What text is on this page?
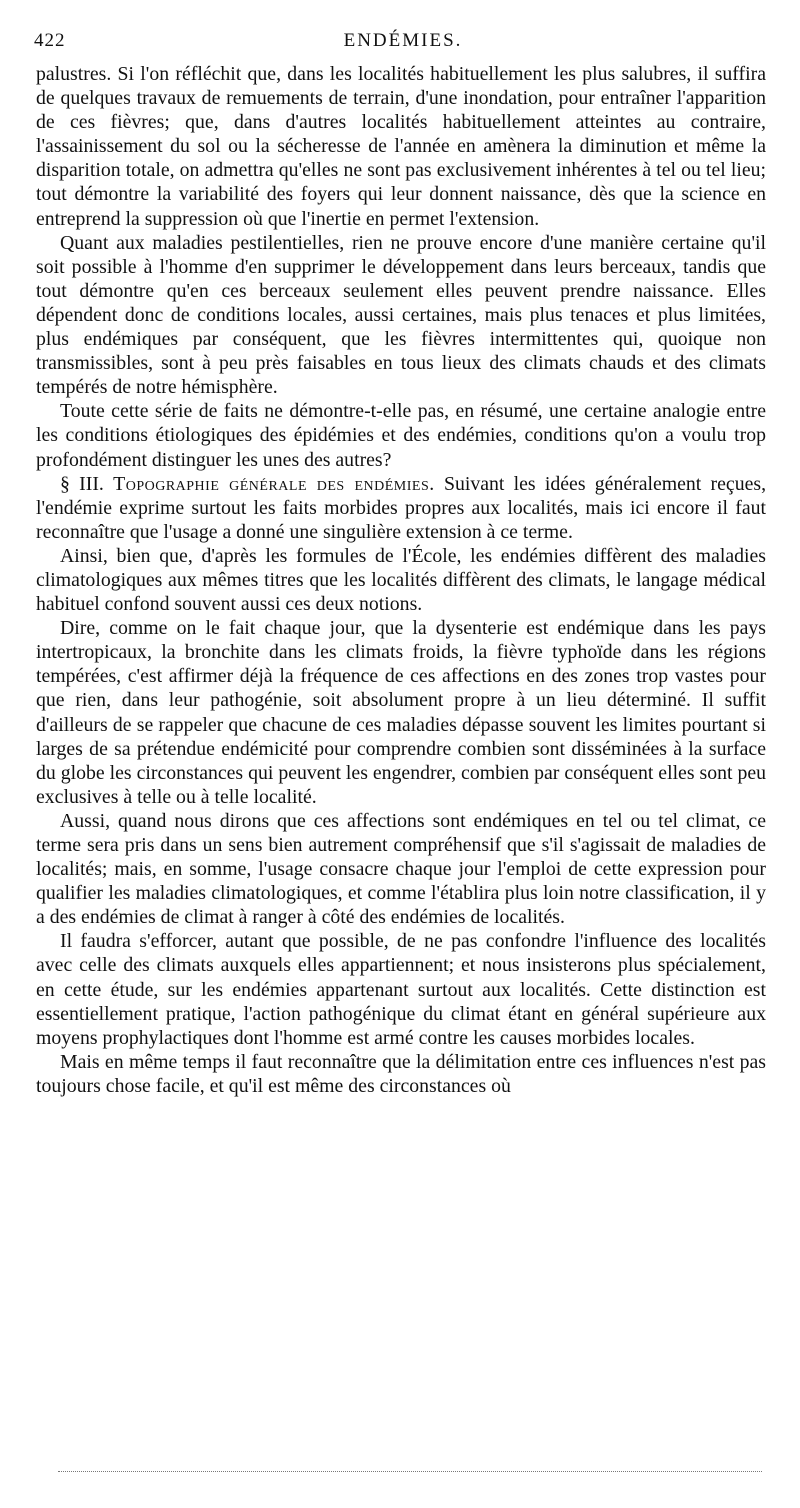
422	ENDÉMIES.

palustres. Si l'on réfléchit que, dans les localités habituellement les plus salubres, il suffira de quelques travaux de remuements de terrain, d'une inondation, pour entraîner l'apparition de ces fièvres; que, dans d'autres localités habituellement atteintes au contraire, l'assainissement du sol ou la sécheresse de l'année en amènera la diminution et même la disparition totale, on admettra qu'elles ne sont pas exclusivement inhérentes à tel ou tel lieu; tout démontre la variabilité des foyers qui leur donnent naissance, dès que la science en entreprend la suppression où que l'inertie en permet l'extension.

Quant aux maladies pestilentielles, rien ne prouve encore d'une manière certaine qu'il soit possible à l'homme d'en supprimer le développement dans leurs berceaux, tandis que tout démontre qu'en ces berceaux seulement elles peuvent prendre naissance. Elles dépendent donc de conditions locales, aussi certaines, mais plus tenaces et plus limitées, plus endémiques par conséquent, que les fièvres intermittentes qui, quoique non transmissibles, sont à peu près faisables en tous lieux des climats chauds et des climats tempérés de notre hémisphère.

Toute cette série de faits ne démontre-t-elle pas, en résumé, une certaine analogie entre les conditions étiologiques des épidémies et des endémies, conditions qu'on a voulu trop profondément distinguer les unes des autres?

§ III. Topographie générale des endémies. Suivant les idées généralement reçues, l'endémie exprime surtout les faits morbides propres aux localités, mais ici encore il faut reconnaître que l'usage a donné une singulière extension à ce terme.

Ainsi, bien que, d'après les formules de l'École, les endémies diffèrent des maladies climatologiques aux mêmes titres que les localités diffèrent des climats, le langage médical habituel confond souvent aussi ces deux notions.

Dire, comme on le fait chaque jour, que la dysenterie est endémique dans les pays intertropicaux, la bronchite dans les climats froids, la fièvre typhoïde dans les régions tempérées, c'est affirmer déjà la fréquence de ces affections en des zones trop vastes pour que rien, dans leur pathogénie, soit absolument propre à un lieu déterminé. Il suffit d'ailleurs de se rappeler que chacune de ces maladies dépasse souvent les limites pourtant si larges de sa prétendue endémicité pour comprendre combien sont disséminées à la surface du globe les circonstances qui peuvent les engendrer, combien par conséquent elles sont peu exclusives à telle ou à telle localité.

Aussi, quand nous dirons que ces affections sont endémiques en tel ou tel climat, ce terme sera pris dans un sens bien autrement compréhensif que s'il s'agissait de maladies de localités; mais, en somme, l'usage consacre chaque jour l'emploi de cette expression pour qualifier les maladies climatologiques, et comme l'établira plus loin notre classification, il y a des endémies de climat à ranger à côté des endémies de localités.

Il faudra s'efforcer, autant que possible, de ne pas confondre l'influence des localités avec celle des climats auxquels elles appartiennent; et nous insisterons plus spécialement, en cette étude, sur les endémies appartenant surtout aux localités. Cette distinction est essentiellement pratique, l'action pathogénique du climat étant en général supérieure aux moyens prophylactiques dont l'homme est armé contre les causes morbides locales.

Mais en même temps il faut reconnaître que la délimitation entre ces influences n'est pas toujours chose facile, et qu'il est même des circonstances où
